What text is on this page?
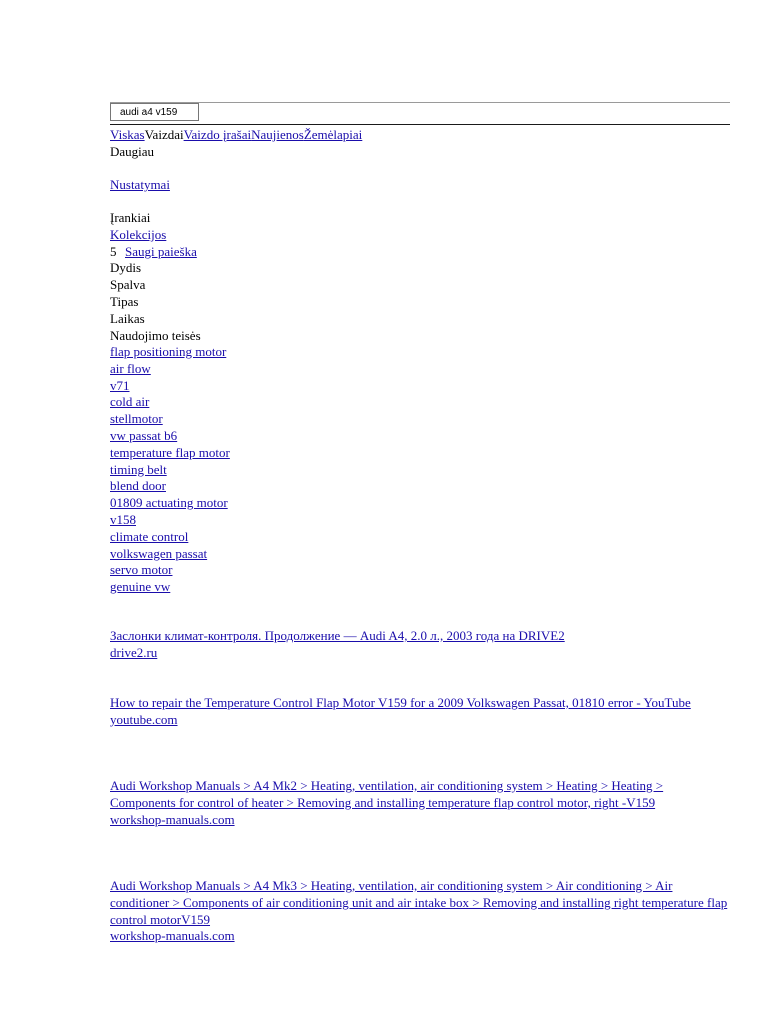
audi a4 v159
ViskasVaizdaiVaizdo įrašaiNaujienosŽemėlapiai
Daugiau
Nustatymai
Įrankiai
Kolekcijos
5 Saugi paieška
Dydis
Spalva
Tipas
Laikas
Naudojimo teisės
flap positioning motor
air flow
v71
cold air
stellmotor
vw passat b6
temperature flap motor
timing belt
blend door
01809 actuating motor
v158
climate control
volkswagen passat
servo motor
genuine vw
Заслонки климат-контроля. Продолжение — Audi A4, 2.0 л., 2003 года на DRIVE2
drive2.ru
How to repair the Temperature Control Flap Motor V159 for a 2009 Volkswagen Passat, 01810 error - YouTube
youtube.com
Audi Workshop Manuals > A4 Mk2 > Heating, ventilation, air conditioning system > Heating > Heating > Components for control of heater > Removing and installing temperature flap control motor, right -V159
workshop-manuals.com
Audi Workshop Manuals > A4 Mk3 > Heating, ventilation, air conditioning system > Air conditioning > Air conditioner > Components of air conditioning unit and air intake box > Removing and installing right temperature flap control motorV159
workshop-manuals.com
